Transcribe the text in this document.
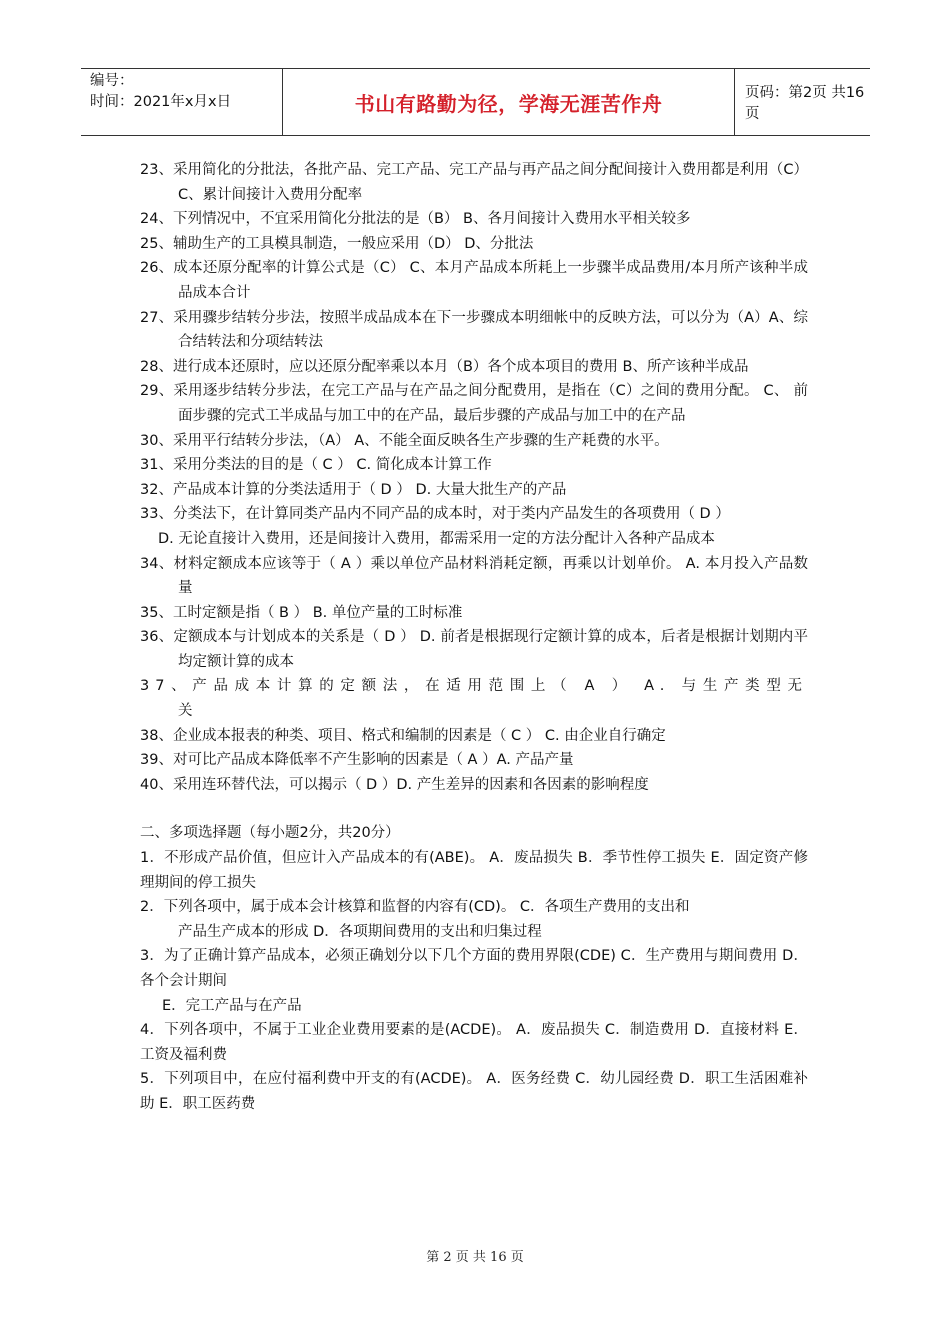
编号：
时间：2021年x月x日	书山有路勤为径，学海无涯苦作舟	页码：第2页 共16页
23、采用简化的分批法，各批产品、完工产品、完工产品与再产品之间分配间接计入费用都是利用（C）C、累计间接计入费用分配率
24、下列情况中，不宜采用简化分批法的是（B） B、各月间接计入费用水平相关较多
25、辅助生产的工具模具制造，一般应采用（D） D、分批法
26、成本还原分配率的计算公式是（C） C、本月产品成本所耗上一步骤半成品费用/本月所产该种半成品成本合计
27、采用骤步结转分步法，按照半成品成本在下一步骤成本明细帐中的反映方法，可以分为（A）A、综合结转法和分项结转法
28、进行成本还原时，应以还原分配率乘以本月（B）各个成本项目的费用 B、所产该种半成品
29、采用逐步结转分步法，在完工产品与在产品之间分配费用，是指在（C）之间的费用分配。 C、 前面步骤的完式工半成品与加工中的在产品，最后步骤的产成品与加工中的在产品
30、采用平行结转分步法，（A） A、不能全面反映各生产步骤的生产耗费的水平。
31、采用分类法的目的是（ C ） C. 简化成本计算工作
32、产品成本计算的分类法适用于（ D ） D. 大量大批生产的产品
33、分类法下，在计算同类产品内不同产品的成本时，对于类内产品发生的各项费用（ D ）
D. 无论直接计入费用，还是间接计入费用，都需采用一定的方法分配计入各种产品成本
34、材料定额成本应该等于（ A ）乘以单位产品材料消耗定额，再乘以计划单价。 A. 本月投入产品数量
35、工时定额是指（ B ） B. 单位产量的工时标准
36、定额成本与计划成本的关系是（ D ） D. 前者是根据现行定额计算的成本，后者是根据计划期内平均定额计算的成本
37、产品成本计算的定额法，在适用范围上（ A ） A. 与生产类型无关
38、企业成本报表的种类、项目、格式和编制的因素是（ C ） C. 由企业自行确定
39、对可比产品成本降低率不产生影响的因素是（ A ）A. 产品产量
40、采用连环替代法，可以揭示（ D ）D. 产生差异的因素和各因素的影响程度
二、多项选择题（每小题2分，共20分）
1．不形成产品价值，但应计入产品成本的有(ABE)。 A．废品损失 B．季节性停工损失 E．固定资产修理期间的停工损失
2．下列各项中，属于成本会计核算和监督的内容有(CD)。 C．各项生产费用的支出和
产品生产成本的形成 D．各项期间费用的支出和归集过程
3．为了正确计算产品成本，必须正确划分以下几个方面的费用界限(CDE) C．生产费用与期间费用 D．各个会计期间
E．完工产品与在产品
4．下列各项中，不属于工业企业费用要素的是(ACDE)。 A．废品损失 C．制造费用 D．直接材料 E．工资及福利费
5．下列项目中，在应付福利费中开支的有(ACDE)。 A．医务经费 C．幼儿园经费 D．职工生活困难补助 E．职工医药费
第 2 页 共 16 页
